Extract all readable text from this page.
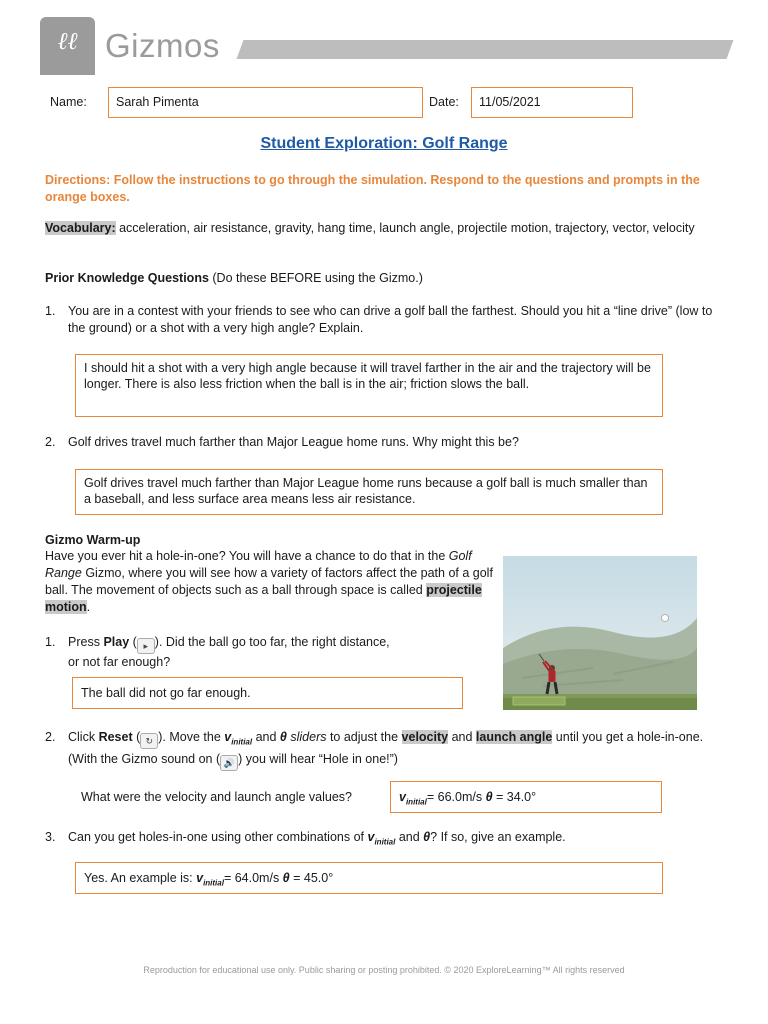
ℓℓ Gizmos
Name:	Sarah Pimenta	Date:	11/05/2021
Student Exploration: Golf Range
Directions: Follow the instructions to go through the simulation. Respond to the questions and prompts in the orange boxes.
Vocabulary: acceleration, air resistance, gravity, hang time, launch angle, projectile motion, trajectory, vector, velocity
Prior Knowledge Questions (Do these BEFORE using the Gizmo.)
1. You are in a contest with your friends to see who can drive a golf ball the farthest. Should you hit a “line drive” (low to the ground) or a shot with a very high angle? Explain.
I should hit a shot with a very high angle because it will travel farther in the air and the trajectory will be longer. There is also less friction when the ball is in the air; friction slows the ball.
2. Golf drives travel much farther than Major League home runs. Why might this be?
Golf drives travel much farther than Major League home runs because a golf ball is much smaller than a baseball, and less surface area means less air resistance.
Gizmo Warm-up
Have you ever hit a hole-in-one? You will have a chance to do that in the Golf Range Gizmo, where you will see how a variety of factors affect the path of a golf ball. The movement of objects such as a ball through space is called projectile motion.
1. Press Play ( ▸ ). Did the ball go too far, the right distance,
or not far enough?
The ball did not go far enough.
2. Click Reset ( ↻ ). Move the $v_{initial}$ and θ sliders to adjust the velocity and launch angle until you get a hole-in-one. (With the Gizmo sound on ( 🔊 ) you will hear “Hole in one!”)
What were the velocity and launch angle values?	$v_{initial}= 66.0m/s$ θ = 34.0°
3. Can you get holes-in-one using other combinations of $v_{initial}$ and θ? If so, give an example.
Yes. An example is: $v_{initial}= 64.0m/s$ θ = 45.0°
Reproduction for educational use only. Public sharing or posting prohibited. © 2020 ExploreLearning™ All rights reserved
